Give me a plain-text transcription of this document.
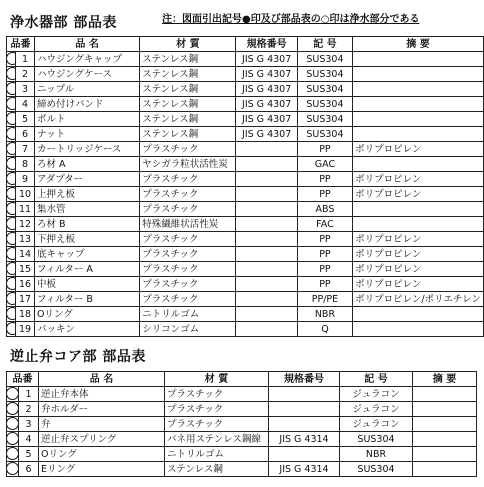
浄水器部 部品表	注：図面引出記号●印及び部品表の○印は浄水部分である
品番		品 名	材 質	規格番号	記 号	摘 要

	1	ハウジングキャップ	ステンレス鋼	JIS G 4307	SUS304	

	2	ハウジングケース	ステンレス鋼	JIS G 4307	SUS304	

	3	ニップル	ステンレス鋼	JIS G 4307	SUS304	

	4	締め付けバンド	ステンレス鋼	JIS G 4307	SUS304	

	5	ボルト	ステンレス鋼	JIS G 4307	SUS304	

	6	ナット	ステンレス鋼	JIS G 4307	SUS304	

	7	カートリッジケース	プラスチック		PP	ポリプロピレン

	8	ろ材 A	ヤシガラ粒状活性炭		GAC	

	9	アダプター	プラスチック		PP	ポリプロピレン

	10	上押え板	プラスチック		PP	ポリプロピレン

	11	集水管	プラスチック		ABS	

	12	ろ材 B	特殊繊維状活性炭		FAC	

	13	下押え板	プラスチック		PP	ポリプロピレン

	14	底キャップ	プラスチック		PP	ポリプロピレン

	15	フィルター A	プラスチック		PP	ポリプロピレン

	16	中板	プラスチック		PP	ポリプロピレン

	17	フィルター B	プラスチック		PP/PE	ポリプロピレン/ポリエチレン

	18	Oリング	ニトリルゴム		NBR	

	19	パッキン	シリコンゴム		Q	
逆止弁コア部 部品表
品番		品 名	材 質	規格番号	記 号	摘 要

	1	逆止弁本体	プラスチック		ジュラコン	

	2	弁ホルダー	プラスチック		ジュラコン	

	3	弁	プラスチック		ジュラコン	

	4	逆止弁スプリング	バネ用ステンレス鋼線	JIS G 4314	SUS304	

	5	Oリング	ニトリルゴム		NBR	

	6	Eリング	ステンレス鋼	JIS G 4314	SUS304	
